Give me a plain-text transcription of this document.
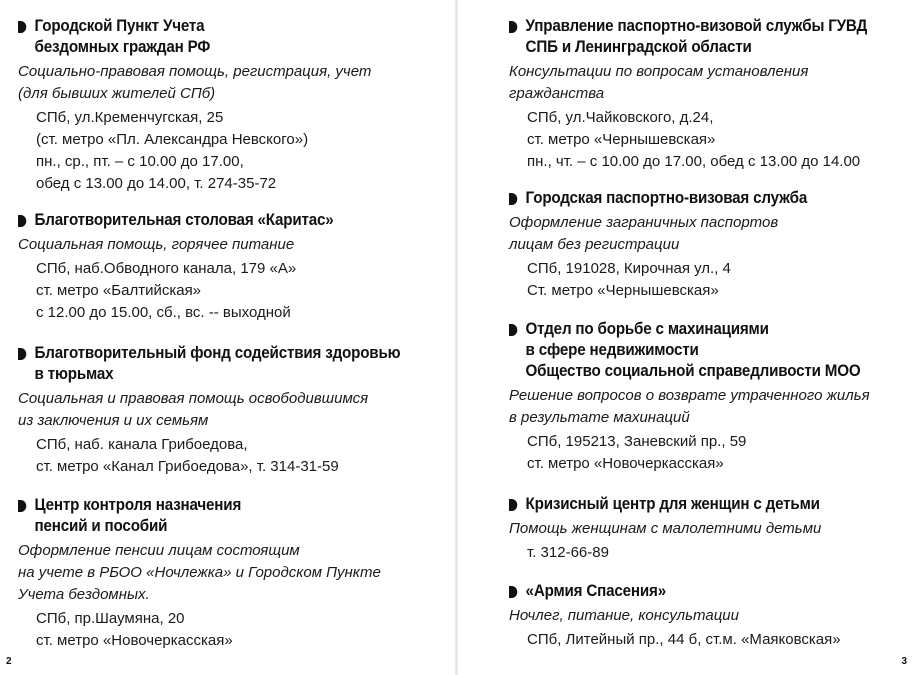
Городской Пункт Учета
бездомных граждан РФ
Социально-правовая помощь, регистрация, учет
(для бывших жителей СПб)
СПб, ул.Кременчугская, 25
(ст. метро «Пл. Александра Невского»)
пн., ср., пт. – с 10.00 до 17.00,
обед с 13.00 до 14.00, т. 274-35-72
Благотворительная столовая «Каритас»
Социальная помощь, горячее питание
СПб, наб.Обводного канала, 179 «А»
ст. метро «Балтийская»
с 12.00 до 15.00, сб., вс. -- выходной
Благотворительный фонд содействия здоровью
в тюрьмах
Социальная и правовая помощь освободившимся
из заключения и их семьям
СПб, наб. канала Грибоедова,
ст. метро «Канал Грибоедова», т. 314-31-59
Центр контроля назначения
пенсий и пособий
Оформление пенсии лицам состоящим
на учете в РБОО «Ночлежка» и Городском Пункте
Учета бездомных.
СПб, пр.Шаумяна, 20
ст. метро «Новочеркасская»
2
Управление паспортно-визовой службы ГУВД
СПБ и Ленинградской области
Консультации по вопросам установления
гражданства
СПб, ул.Чайковского, д.24,
ст. метро «Чернышевская»
пн., чт. – с 10.00 до 17.00, обед с 13.00 до 14.00
Городская паспортно-визовая служба
Оформление заграничных паспортов
лицам без регистрации
СПб, 191028, Кирочная ул., 4
Ст. метро «Чернышевская»
Отдел по борьбе с махинациями
в сфере недвижимости
Общество социальной справедливости МОО
Решение вопросов о возврате утраченного жилья
в результате махинаций
СПб, 195213, Заневский пр., 59
ст. метро «Новочеркасская»
Кризисный центр для женщин с детьми
Помощь женщинам с малолетними детьми
т. 312-66-89
«Армия Спасения»
Ночлег, питание, консультации
СПб, Литейный пр., 44 б, ст.м. «Маяковская»
3
